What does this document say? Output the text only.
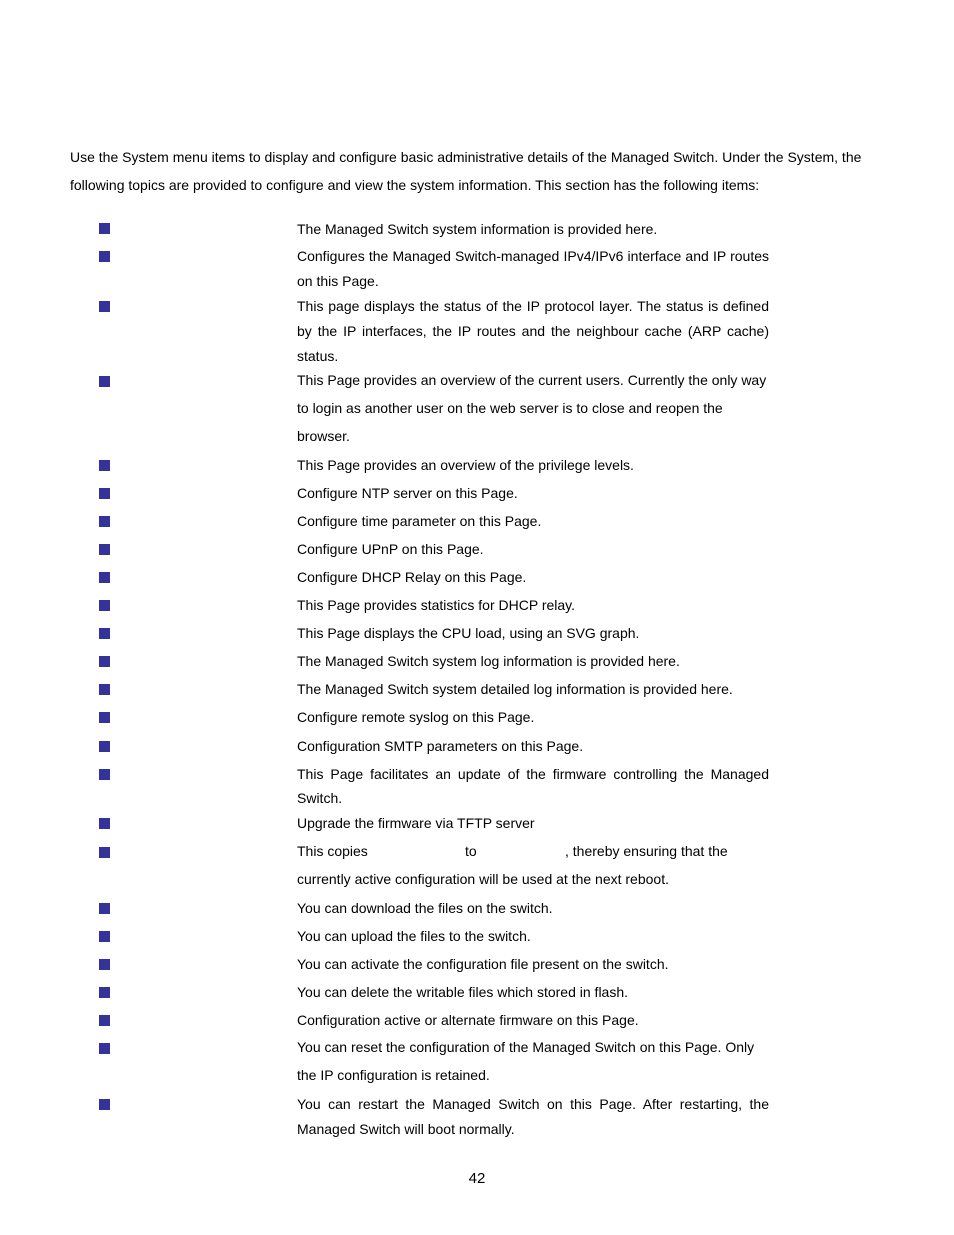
Use the System menu items to display and configure basic administrative details of the Managed Switch. Under the System, the following topics are provided to configure and view the system information. This section has the following items:

The Managed Switch system information is provided here.

Configures the Managed Switch-managed IPv4/IPv6 interface and IP routes on this Page.

This page displays the status of the IP protocol layer. The status is defined by the IP interfaces, the IP routes and the neighbour cache (ARP cache) status.

This Page provides an overview of the current users. Currently the only way to login as another user on the web server is to close and reopen the browser.

This Page provides an overview of the privilege levels.

Configure NTP server on this Page.

Configure time parameter on this Page.

Configure UPnP on this Page.

Configure DHCP Relay on this Page.

This Page provides statistics for DHCP relay.

This Page displays the CPU load, using an SVG graph.

The Managed Switch system log information is provided here.

The Managed Switch system detailed log information is provided here.

Configure remote syslog on this Page.

Configuration SMTP parameters on this Page.

This Page facilitates an update of the firmware controlling the Managed Switch.

Upgrade the firmware via TFTP server

This copies	to	, thereby ensuring that the
currently active configuration will be used at the next reboot.

You can download the files on the switch.

You can upload the files to the switch.

You can activate the configuration file present on the switch.

You can delete the writable files which stored in flash.

Configuration active or alternate firmware on this Page.

You can reset the configuration of the Managed Switch on this Page. Only the IP configuration is retained.

You can restart the Managed Switch on this Page. After restarting, the Managed Switch will boot normally.

42
